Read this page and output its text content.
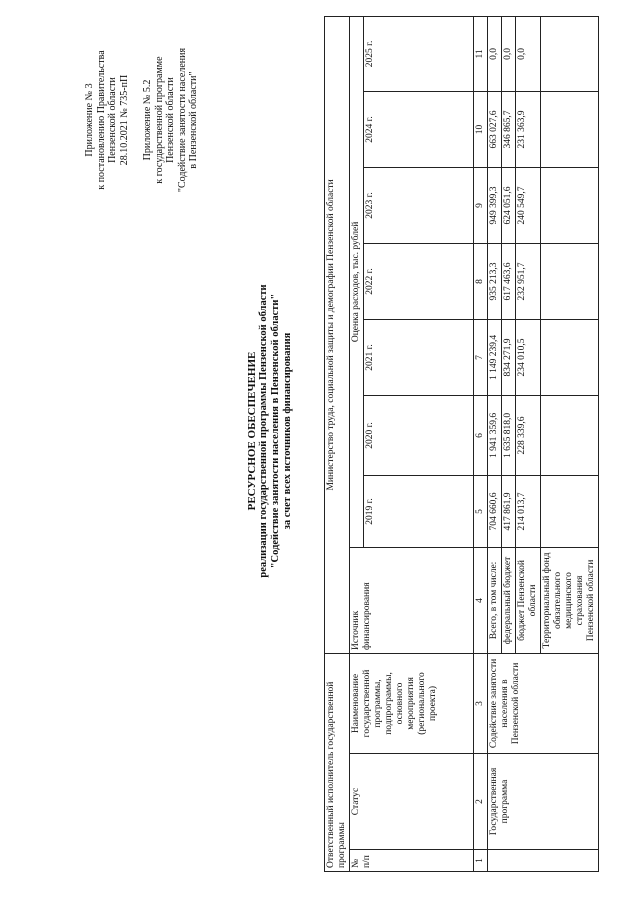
Приложение № 3 к постановлению Правительства Пензенской области 28.10.2021 № 735-пП Приложение № 5.2 к государственной программе Пензенской области "Содействие занятости населения в Пензенской области"
РЕСУРСНОЕ ОБЕСПЕЧЕНИЕ реализации государственной программы Пензенской области "Содействие занятости населения в Пензенской области" за счет всех источников финансирования
Ответственный исполнитель государственной программы			Министерство труда, социальной защиты и демографии Пензенской области							
№ п/п	Статус	Наименование государственной программы, подпрограммы, основного мероприятия (регионального проекта)	Источник финансирования	Оценка расходов, тыс. рублей						
				2019 г.	2020 г.	2021 г.	2022 г.	2023 г.	2024 г.	2025 г.
1	2	3	4	5	6	7	8	9	10	11
	Государственная программа	Содействие занятости населения в Пензенской области	Всего, в том числе:	704 660,6	1 941 359,6	1 149 239,4	935 213,3	949 399,3	663 027,6	0,0
			федеральный бюджет	417 861,9	1 635 818,0	834 271,9	617 463,6	624 051,6	346 865,7	0,0
			бюджет Пензенской области	214 013,7	228 339,6	234 010,5	232 951,7	240 549,7	231 363,9	0,0
			Территориальный фонд обязательного медицинского страхования Пензенской области							
